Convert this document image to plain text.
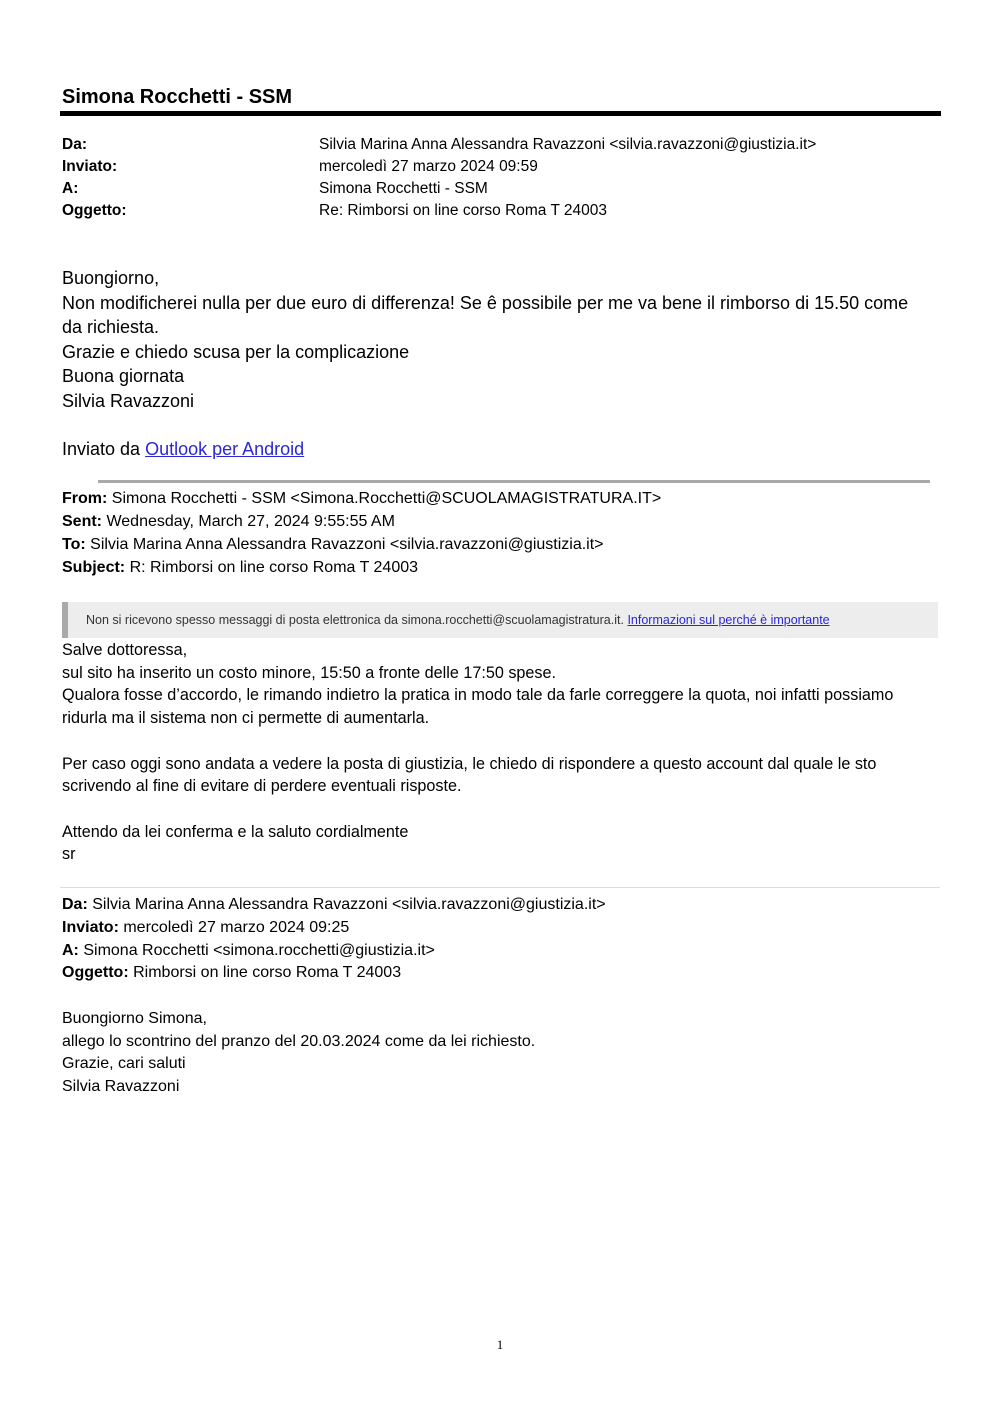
Simona Rocchetti - SSM
Da:	Silvia Marina Anna Alessandra Ravazzoni <silvia.ravazzoni@giustizia.it>
Inviato:	mercoledì 27 marzo 2024 09:59
A:	Simona Rocchetti - SSM
Oggetto:	Re: Rimborsi on line corso Roma T 24003

Buongiorno,

Non modificherei nulla per due euro di differenza! Se ê possibile per me va bene il rimborso di 15.50 come da richiesta.

Grazie e chiedo scusa per la complicazione

Buona giornata

Silvia Ravazzoni

Inviato da Outlook per Android
From: Simona Rocchetti - SSM <Simona.Rocchetti@SCUOLAMAGISTRATURA.IT>
Sent: Wednesday, March 27, 2024 9:55:55 AM
To: Silvia Marina Anna Alessandra Ravazzoni <silvia.ravazzoni@giustizia.it>
Subject: R: Rimborsi on line corso Roma T 24003
Non si ricevono spesso messaggi di posta elettronica da simona.rocchetti@scuolamagistratura.it. Informazioni sul perché è importante

Salve dottoressa,

sul sito ha inserito un costo minore, 15:50 a fronte delle 17:50 spese.

Qualora fosse d’accordo, le rimando indietro la pratica in modo tale da farle correggere la quota, noi infatti possiamo ridurla ma il sistema non ci permette di aumentarla.

Per caso oggi sono andata a vedere la posta di giustizia, le chiedo di rispondere a questo account dal quale le sto scrivendo al fine di evitare di perdere eventuali risposte.

Attendo da lei conferma e la saluto cordialmente

sr

Da: Silvia Marina Anna Alessandra Ravazzoni <silvia.ravazzoni@giustizia.it>
Inviato: mercoledì 27 marzo 2024 09:25
A: Simona Rocchetti <simona.rocchetti@giustizia.it>
Oggetto: Rimborsi on line corso Roma T 24003

Buongiorno Simona,

allego lo scontrino del pranzo del 20.03.2024 come da lei richiesto.

Grazie, cari saluti

Silvia Ravazzoni

1
